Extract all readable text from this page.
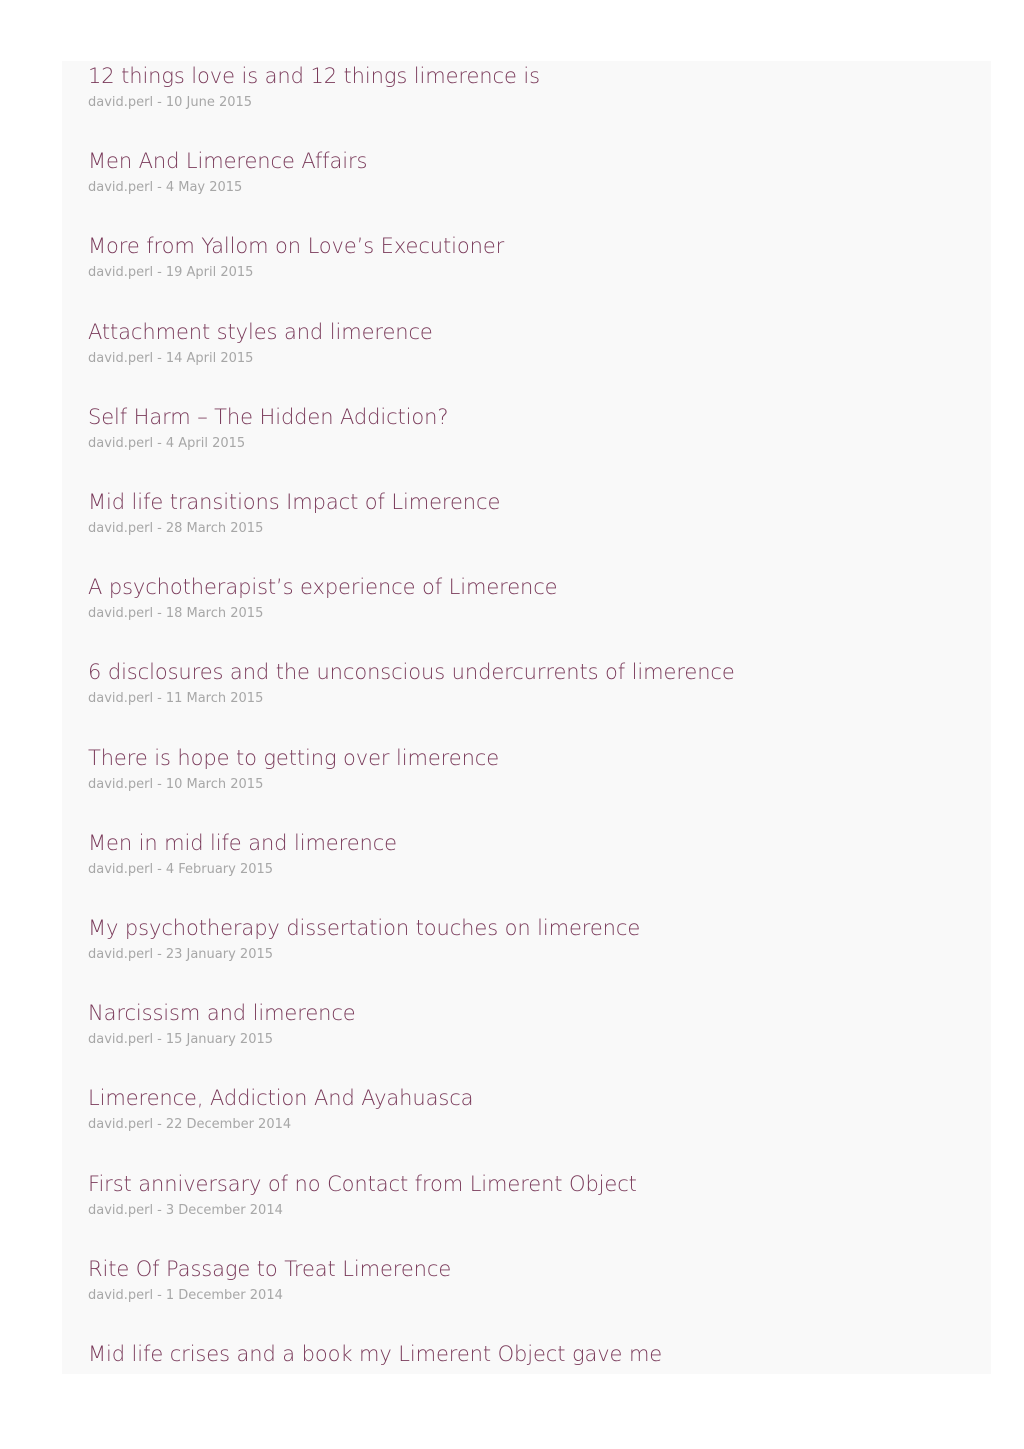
12 things love is and 12 things limerence is
david.perl - 10 June 2015
Men And Limerence Affairs
david.perl - 4 May 2015
More from Yallom on Love’s Executioner
david.perl - 19 April 2015
Attachment styles and limerence
david.perl - 14 April 2015
Self Harm – The Hidden Addiction?
david.perl - 4 April 2015
Mid life transitions Impact of Limerence
david.perl - 28 March 2015
A psychotherapist’s experience of Limerence
david.perl - 18 March 2015
6 disclosures and the unconscious undercurrents of limerence
david.perl - 11 March 2015
There is hope to getting over limerence
david.perl - 10 March 2015
Men in mid life and limerence
david.perl - 4 February 2015
My psychotherapy dissertation touches on limerence
david.perl - 23 January 2015
Narcissism and limerence
david.perl - 15 January 2015
Limerence, Addiction And Ayahuasca
david.perl - 22 December 2014
First anniversary of no Contact from Limerent Object
david.perl - 3 December 2014
Rite Of Passage to Treat Limerence
david.perl - 1 December 2014
Mid life crises and a book my Limerent Object gave me
